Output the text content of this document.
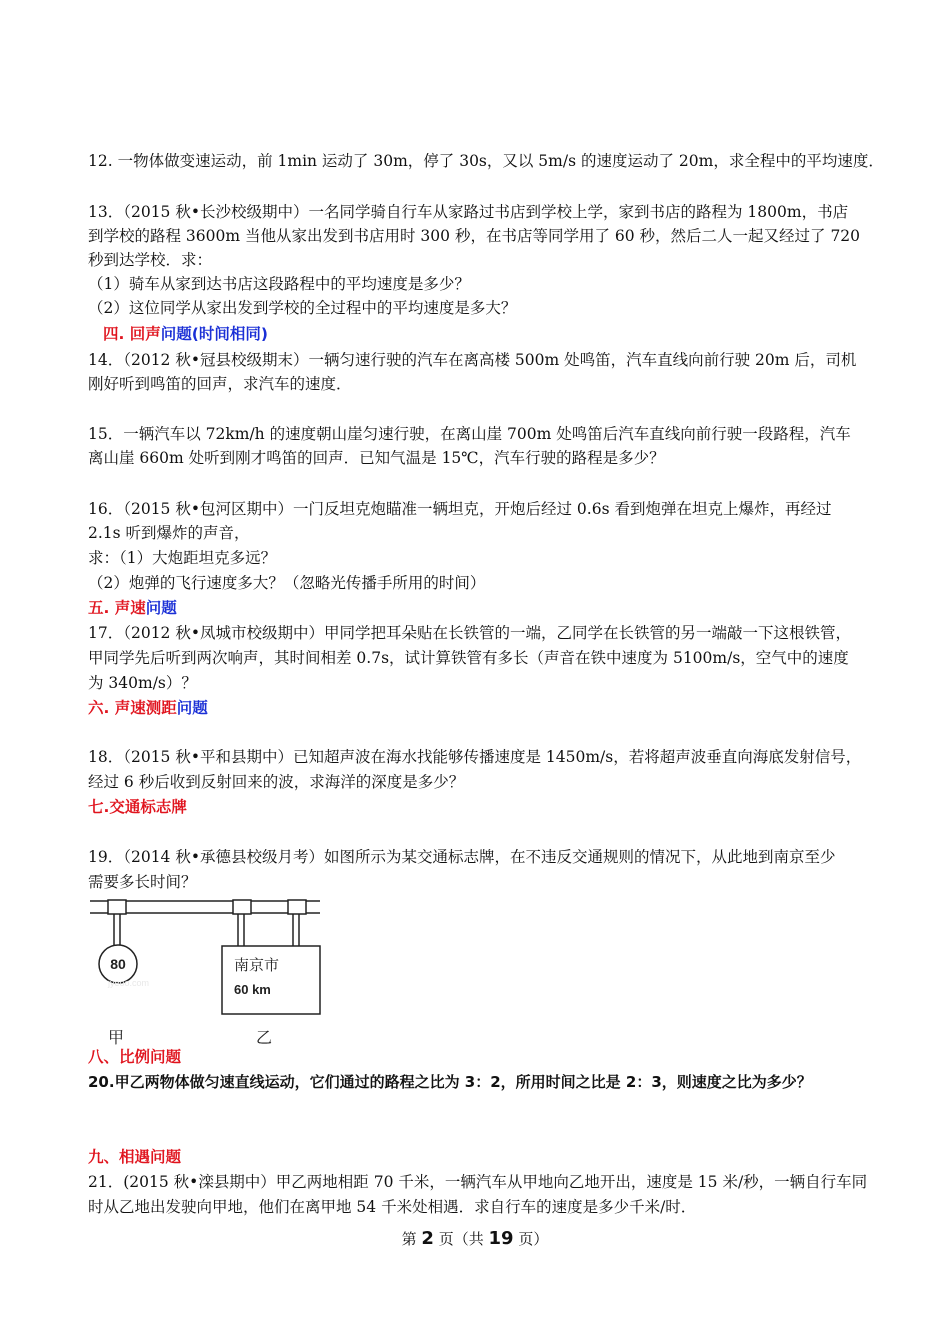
12. 一物体做变速运动，前 1min 运动了 30m，停了 30s，又以 5m/s 的速度运动了 20m，求全程中的平均速度．
13．（2015 秋•长沙校级期中）一名同学骑自行车从家路过书店到学校上学，家到书店的路程为 1800m，书店
到学校的路程 3600m 当他从家出发到书店用时 300 秒，在书店等同学用了 60 秒，然后二人一起又经过了 720
秒到达学校．求：
（1）骑车从家到达书店这段路程中的平均速度是多少？
（2）这位同学从家出发到学校的全过程中的平均速度是多大？
四. 回声问题(时间相同)
14．（2012 秋•冠县校级期末）一辆匀速行驶的汽车在离高楼 500m 处鸣笛，汽车直线向前行驶 20m 后，司机
刚好听到鸣笛的回声，求汽车的速度．
15．一辆汽车以 72km/h 的速度朝山崖匀速行驶，在离山崖 700m 处鸣笛后汽车直线向前行驶一段路程，汽车
离山崖 660m 处听到刚才鸣笛的回声．已知气温是 15℃，汽车行驶的路程是多少？
16．（2015 秋•包河区期中）一门反坦克炮瞄准一辆坦克，开炮后经过 0.6s 看到炮弹在坦克上爆炸，再经过
2.1s 听到爆炸的声音，
求：（1）大炮距坦克多远？
（2）炮弹的飞行速度多大？（忽略光传播手所用的时间）
五. 声速问题
17．（2012 秋•凤城市校级期中）甲同学把耳朵贴在长铁管的一端，乙同学在长铁管的另一端敲一下这根铁管，
甲同学先后听到两次响声，其时间相差 0.7s，试计算铁管有多长（声音在铁中速度为 5100m/s，空气中的速度
为 340m/s）？
六. 声速测距问题
18．（2015 秋•平和县期中）已知超声波在海水找能够传播速度是 1450m/s，若将超声波垂直向海底发射信号，
经过 6 秒后收到反射回来的波，求海洋的深度是多少？
七.交通标志牌
19．（2014 秋•承德县校级月考）如图所示为某交通标志牌，在不违反交通规则的情况下，从此地到南京至少
需要多长时间？
80
jyeoo.com
南京市
60 km
甲	乙
八、比例问题
20.甲乙两物体做匀速直线运动，它们通过的路程之比为 3：2，所用时间之比是 2：3，则速度之比为多少？
九、相遇问题
21．(2015 秋•滦县期中）甲乙两地相距 70 千米，一辆汽车从甲地向乙地开出，速度是 15 米/秒，一辆自行车同
时从乙地出发驶向甲地，他们在离甲地 54 千米处相遇．求自行车的速度是多少千米/时．
第 2 页（共 19 页）
